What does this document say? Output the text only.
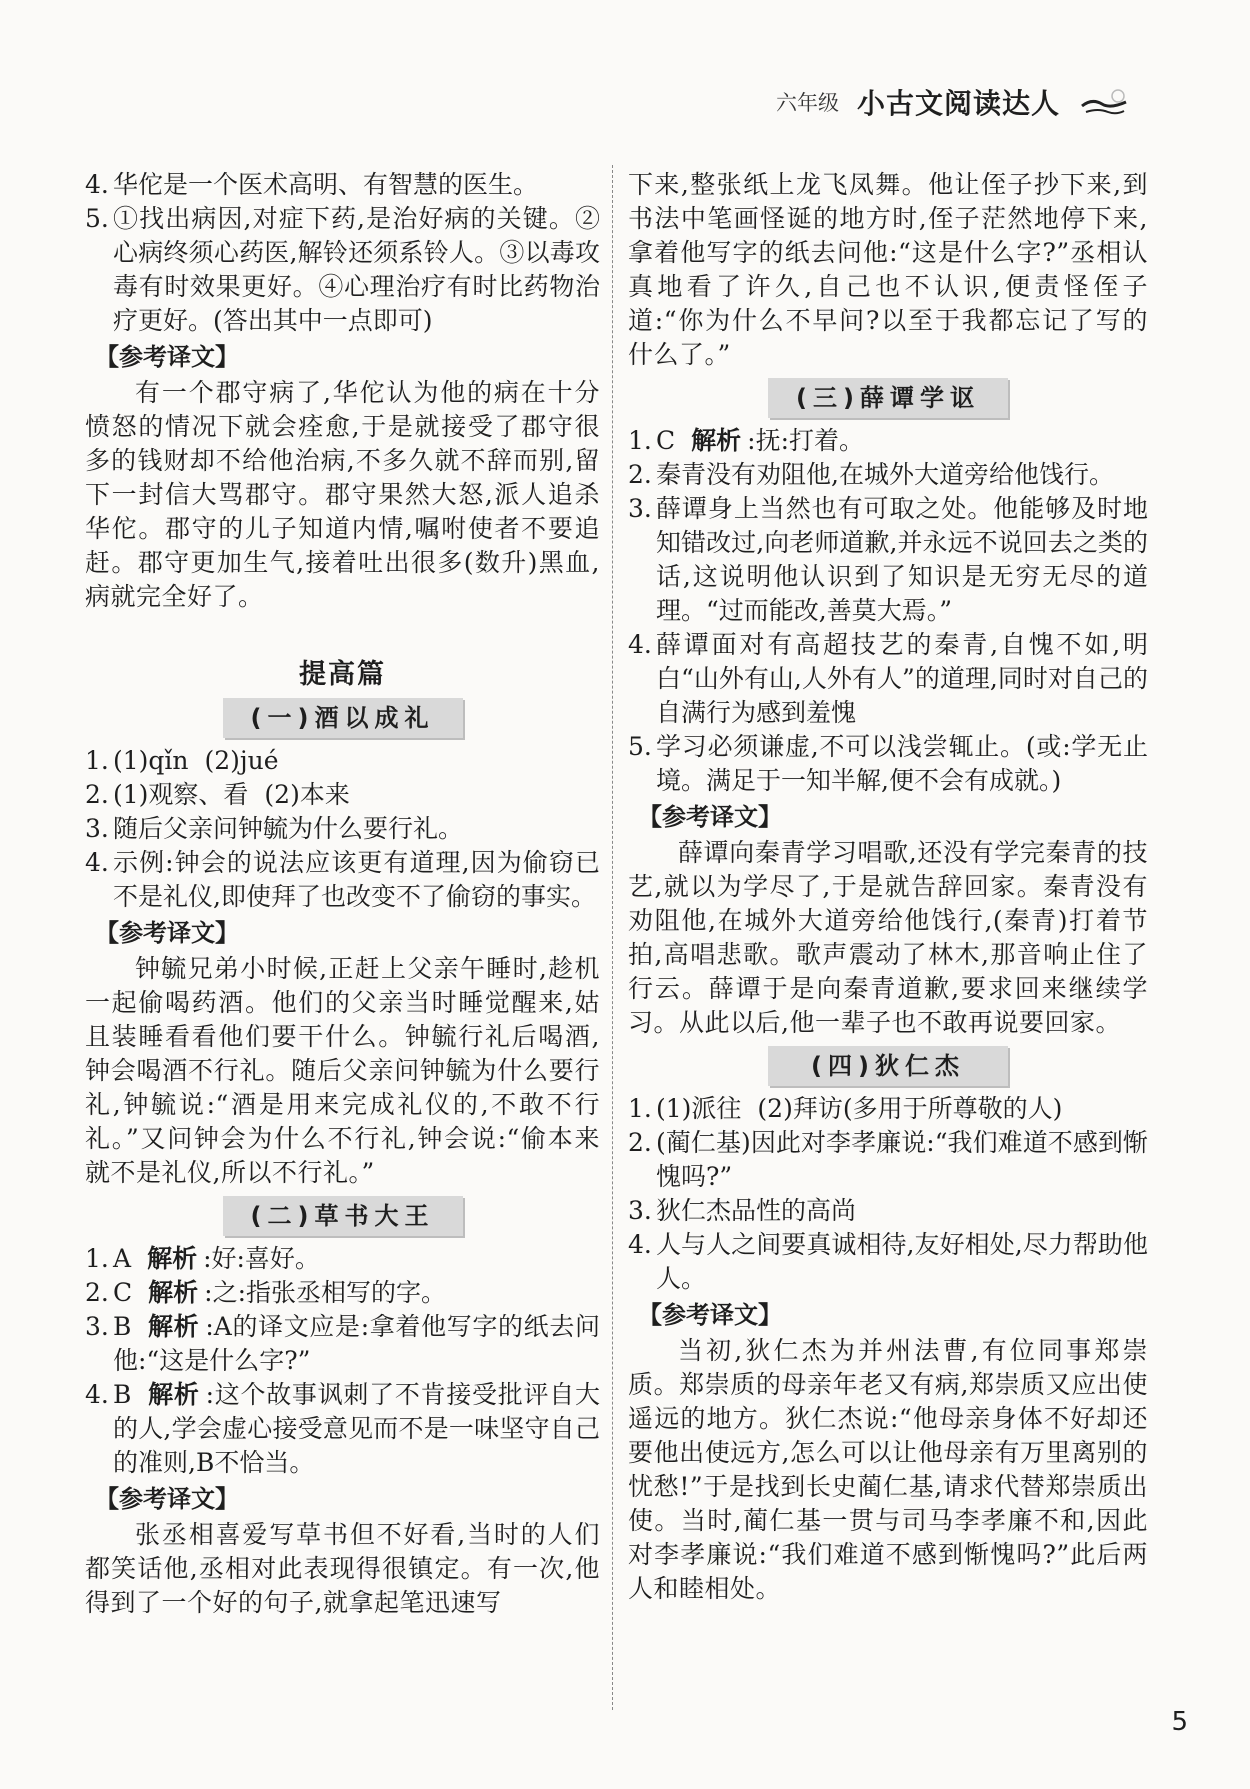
六年级 小古文阅读达人
4. 华佗是一个医术高明、有智慧的医生。
5. ①找出病因,对症下药,是治好病的关键。②心病终须心药医,解铃还须系铃人。③以毒攻毒有时效果更好。④心理治疗有时比药物治疗更好。(答出其中一点即可)
【参考译文】
有一个郡守病了,华佗认为他的病在十分愤怒的情况下就会痊愈,于是就接受了郡守很多的钱财却不给他治病,不多久就不辞而别,留下一封信大骂郡守。郡守果然大怒,派人追杀华佗。郡守的儿子知道内情,嘱咐使者不要追赶。郡守更加生气,接着吐出很多(数升)黑血,病就完全好了。
提高篇
(一)酒以成礼
1. (1)qǐn (2)jué
2. (1)观察、看 (2)本来
3. 随后父亲问钟毓为什么要行礼。
4. 示例:钟会的说法应该更有道理,因为偷窃已不是礼仪,即使拜了也改变不了偷窃的事实。
【参考译文】
钟毓兄弟小时候,正赶上父亲午睡时,趁机一起偷喝药酒。他们的父亲当时睡觉醒来,姑且装睡看看他们要干什么。钟毓行礼后喝酒,钟会喝酒不行礼。随后父亲问钟毓为什么要行礼,钟毓说:“酒是用来完成礼仪的,不敢不行礼。”又问钟会为什么不行礼,钟会说:“偷本来就不是礼仪,所以不行礼。”
(二)草书大王
1. A 解析 :好:喜好。
2. C 解析 :之:指张丞相写的字。
3. B 解析 :A的译文应是:拿着他写字的纸去问他:“这是什么字?”
4. B 解析 :这个故事讽刺了不肯接受批评自大的人,学会虚心接受意见而不是一味坚守自己的准则,B不恰当。
【参考译文】
张丞相喜爱写草书但不好看,当时的人们都笑话他,丞相对此表现得很镇定。有一次,他得到了一个好的句子,就拿起笔迅速写
下来,整张纸上龙飞凤舞。他让侄子抄下来,到书法中笔画怪诞的地方时,侄子茫然地停下来,拿着他写字的纸去问他:“这是什么字?”丞相认真地看了许久,自己也不认识,便责怪侄子道:“你为什么不早问?以至于我都忘记了写的什么了。”
(三)薛谭学讴
1. C 解析 :抚:打着。
2. 秦青没有劝阻他,在城外大道旁给他饯行。
3. 薛谭身上当然也有可取之处。他能够及时地知错改过,向老师道歉,并永远不说回去之类的话,这说明他认识到了知识是无穷无尽的道理。“过而能改,善莫大焉。”
4. 薛谭面对有高超技艺的秦青,自愧不如,明白“山外有山,人外有人”的道理,同时对自己的自满行为感到羞愧
5. 学习必须谦虚,不可以浅尝辄止。(或:学无止境。满足于一知半解,便不会有成就。)
【参考译文】
薛谭向秦青学习唱歌,还没有学完秦青的技艺,就以为学尽了,于是就告辞回家。秦青没有劝阻他,在城外大道旁给他饯行,(秦青)打着节拍,高唱悲歌。歌声震动了林木,那音响止住了行云。薛谭于是向秦青道歉,要求回来继续学习。从此以后,他一辈子也不敢再说要回家。
(四)狄仁杰
1. (1)派往 (2)拜访(多用于所尊敬的人)
2. (蔺仁基)因此对李孝廉说:“我们难道不感到惭愧吗?”
3. 狄仁杰品性的高尚
4. 人与人之间要真诚相待,友好相处,尽力帮助他人。
【参考译文】
当初,狄仁杰为并州法曹,有位同事郑崇质。郑崇质的母亲年老又有病,郑崇质又应出使遥远的地方。狄仁杰说:“他母亲身体不好却还要他出使远方,怎么可以让他母亲有万里离别的忧愁!”于是找到长史蔺仁基,请求代替郑崇质出使。当时,蔺仁基一贯与司马李孝廉不和,因此对李孝廉说:“我们难道不感到惭愧吗?”此后两人和睦相处。
5
